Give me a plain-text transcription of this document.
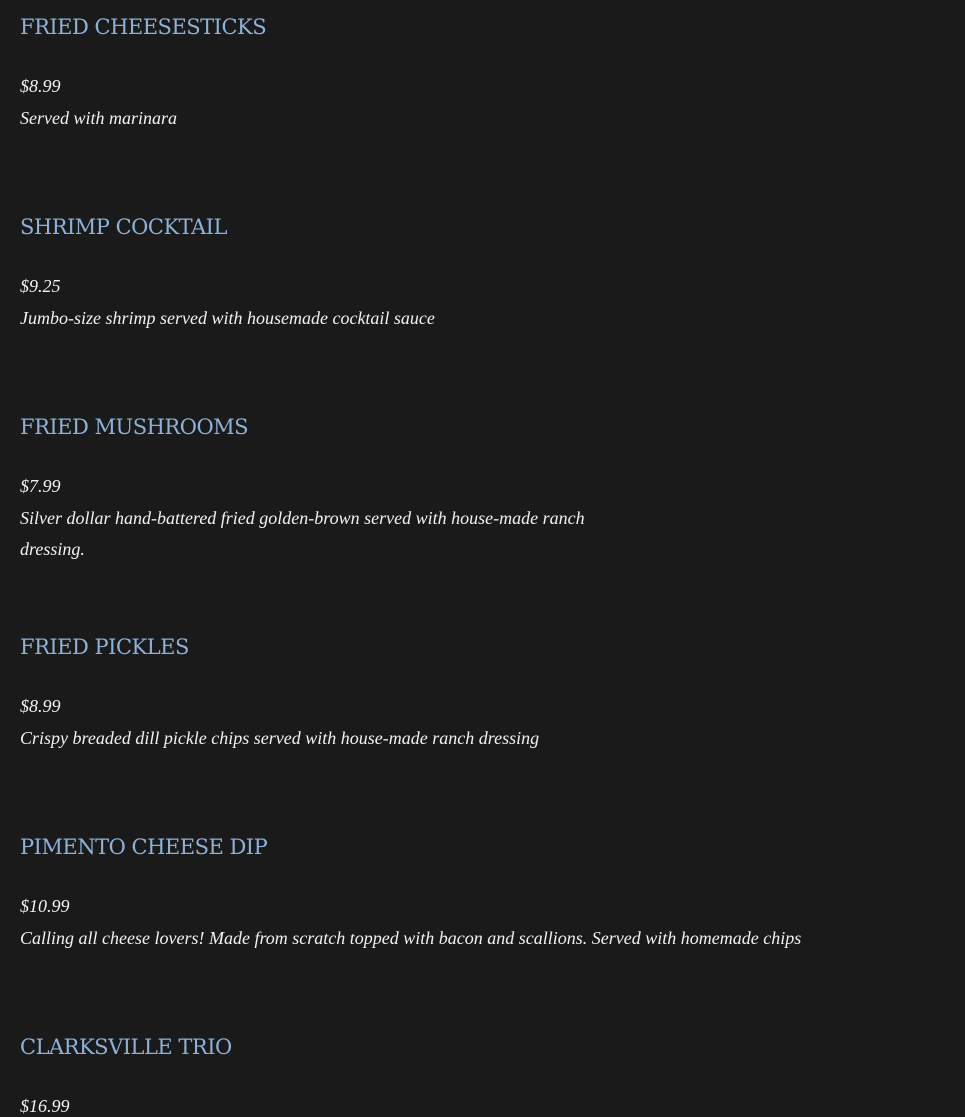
FRIED CHEESESTICKS
$8.99
Served with marinara
SHRIMP COCKTAIL
$9.25
Jumbo-size shrimp served with housemade cocktail sauce
FRIED MUSHROOMS
$7.99
Silver dollar hand-battered fried golden-brown served with house-made ranch dressing.
FRIED PICKLES
$8.99
Crispy breaded dill pickle chips served with house-made ranch dressing
PIMENTO CHEESE DIP
$10.99
Calling all cheese lovers! Made from scratch topped with bacon and scallions. Served with homemade chips
CLARKSVILLE TRIO
$16.99
